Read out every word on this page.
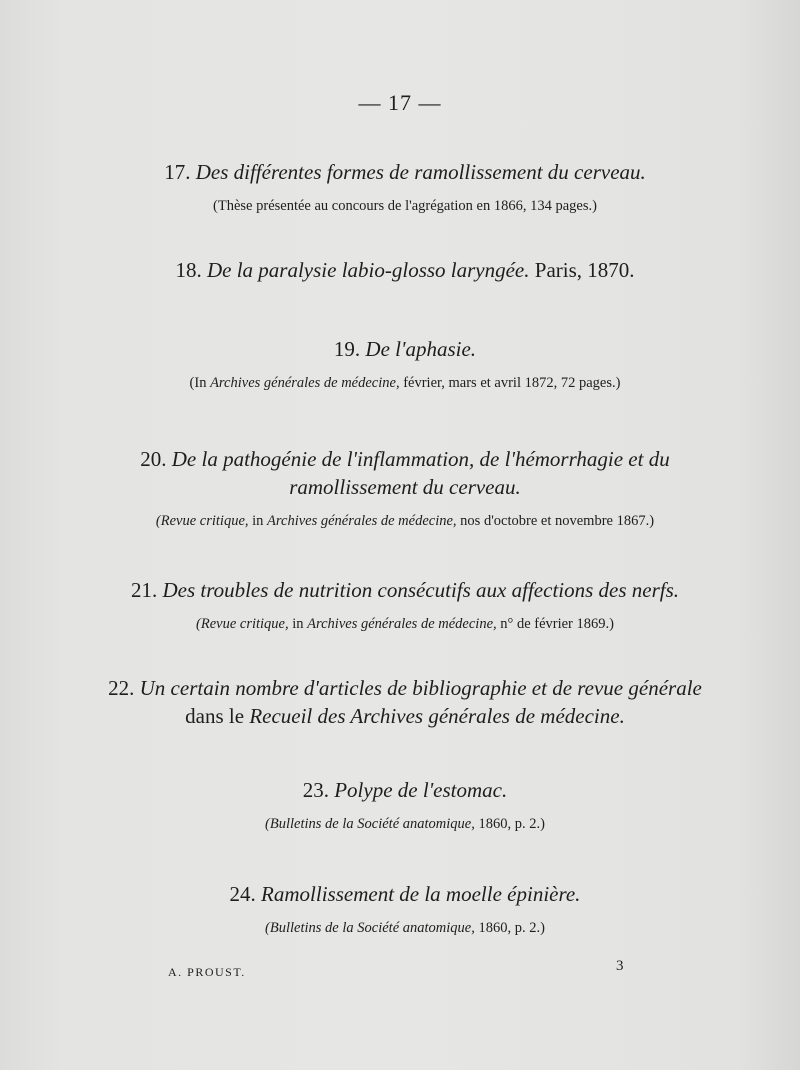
— 17 —
17. Des différentes formes de ramollissement du cerveau.
(Thèse présentée au concours de l'agrégation en 1866, 134 pages.)
18. De la paralysie labio-glosso laryngée. Paris, 1870.
19. De l'aphasie.
(In Archives générales de médecine, février, mars et avril 1872, 72 pages.)
20. De la pathogénie de l'inflammation, de l'hémorrhagie et du ramollissement du cerveau.
(Revue critique, in Archives générales de médecine, nos d'octobre et novembre 1867.)
21. Des troubles de nutrition consécutifs aux affections des nerfs.
(Revue critique, in Archives générales de médecine, n° de février 1869.)
22. Un certain nombre d'articles de bibliographie et de revue générale
dans le Recueil des Archives générales de médecine.
23. Polype de l'estomac.
(Bulletins de la Société anatomique, 1860, p. 2.)
24. Ramollissement de la moelle épinière.
(Bulletins de la Société anatomique, 1860, p. 2.)
A. PROUST.	3
